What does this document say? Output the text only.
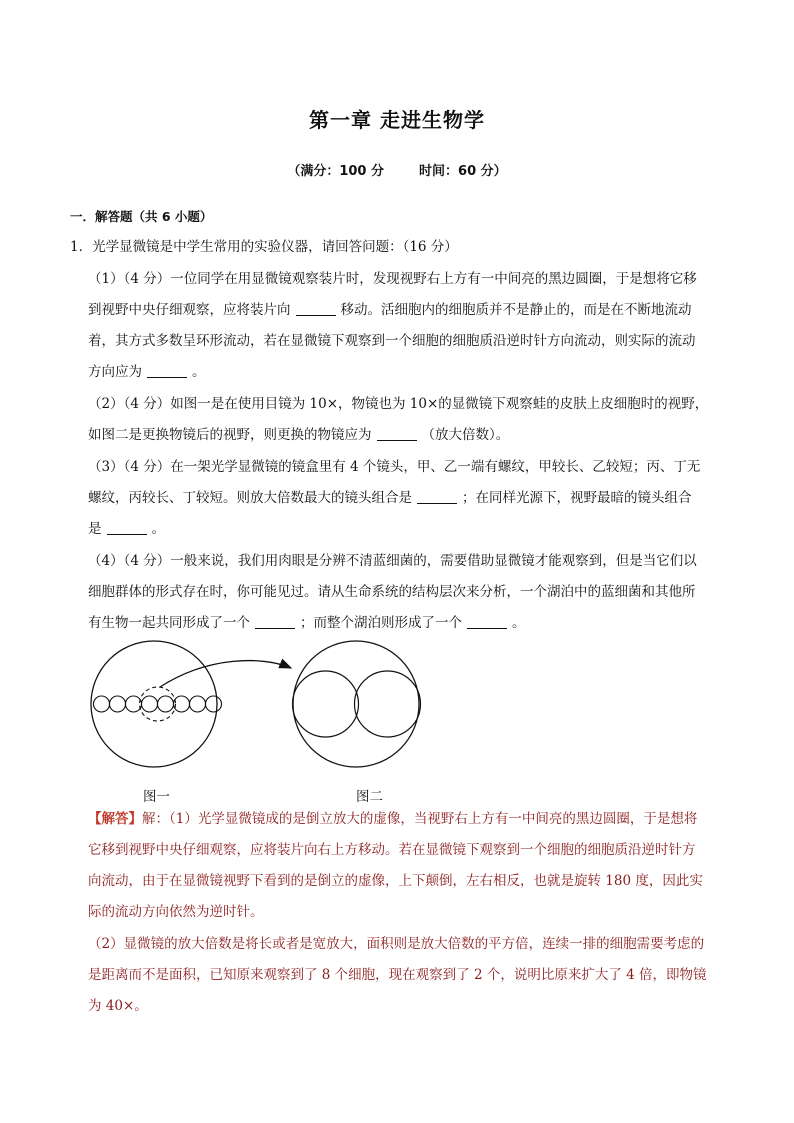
第一章 走进生物学
（满分：100 分	时间：60 分）
一．解答题（共 6 小题）
1．光学显微镜是中学生常用的实验仪器，请回答问题：（16 分）
（1）（4 分）一位同学在用显微镜观察装片时，发现视野右上方有一中间亮的黑边圆圈，于是想将它移
到视野中央仔细观察，应将装片向	移动。活细胞内的细胞质并不是静止的，而是在不断地流动
着，其方式多数呈环形流动，若在显微镜下观察到一个细胞的细胞质沿逆时针方向流动，则实际的流动
方向应为	。
（2）（4 分）如图一是在使用目镜为 10×，物镜也为 10×的显微镜下观察蛙的皮肤上皮细胞时的视野，
如图二是更换物镜后的视野，则更换的物镜应为	（放大倍数）。
（3）（4 分）在一架光学显微镜的镜盒里有 4 个镜头，甲、乙一端有螺纹，甲较长、乙较短；丙、丁无
螺纹，丙较长、丁较短。则放大倍数最大的镜头组合是	；在同样光源下，视野最暗的镜头组合
是	。
（4）（4 分）一般来说，我们用肉眼是分辨不清蓝细菌的，需要借助显微镜才能观察到，但是当它们以
细胞群体的形式存在时，你可能见过。请从生命系统的结构层次来分析，一个湖泊中的蓝细菌和其他所
有生物一起共同形成了一个	；而整个湖泊则形成了一个	。
图一	图二
【解答】解：（1）光学显微镜成的是倒立放大的虚像，当视野右上方有一中间亮的黑边圆圈，于是想将
它移到视野中央仔细观察，应将装片向右上方移动。若在显微镜下观察到一个细胞的细胞质沿逆时针方
向流动，由于在显微镜视野下看到的是倒立的虚像，上下颠倒，左右相反，也就是旋转 180 度，因此实
际的流动方向依然为逆时针。
（2）显微镜的放大倍数是将长或者是宽放大，面积则是放大倍数的平方倍，连续一排的细胞需要考虑的
是距离而不是面积，已知原来观察到了 8 个细胞，现在观察到了 2 个，说明比原来扩大了 4 倍，即物镜
为 40×。
